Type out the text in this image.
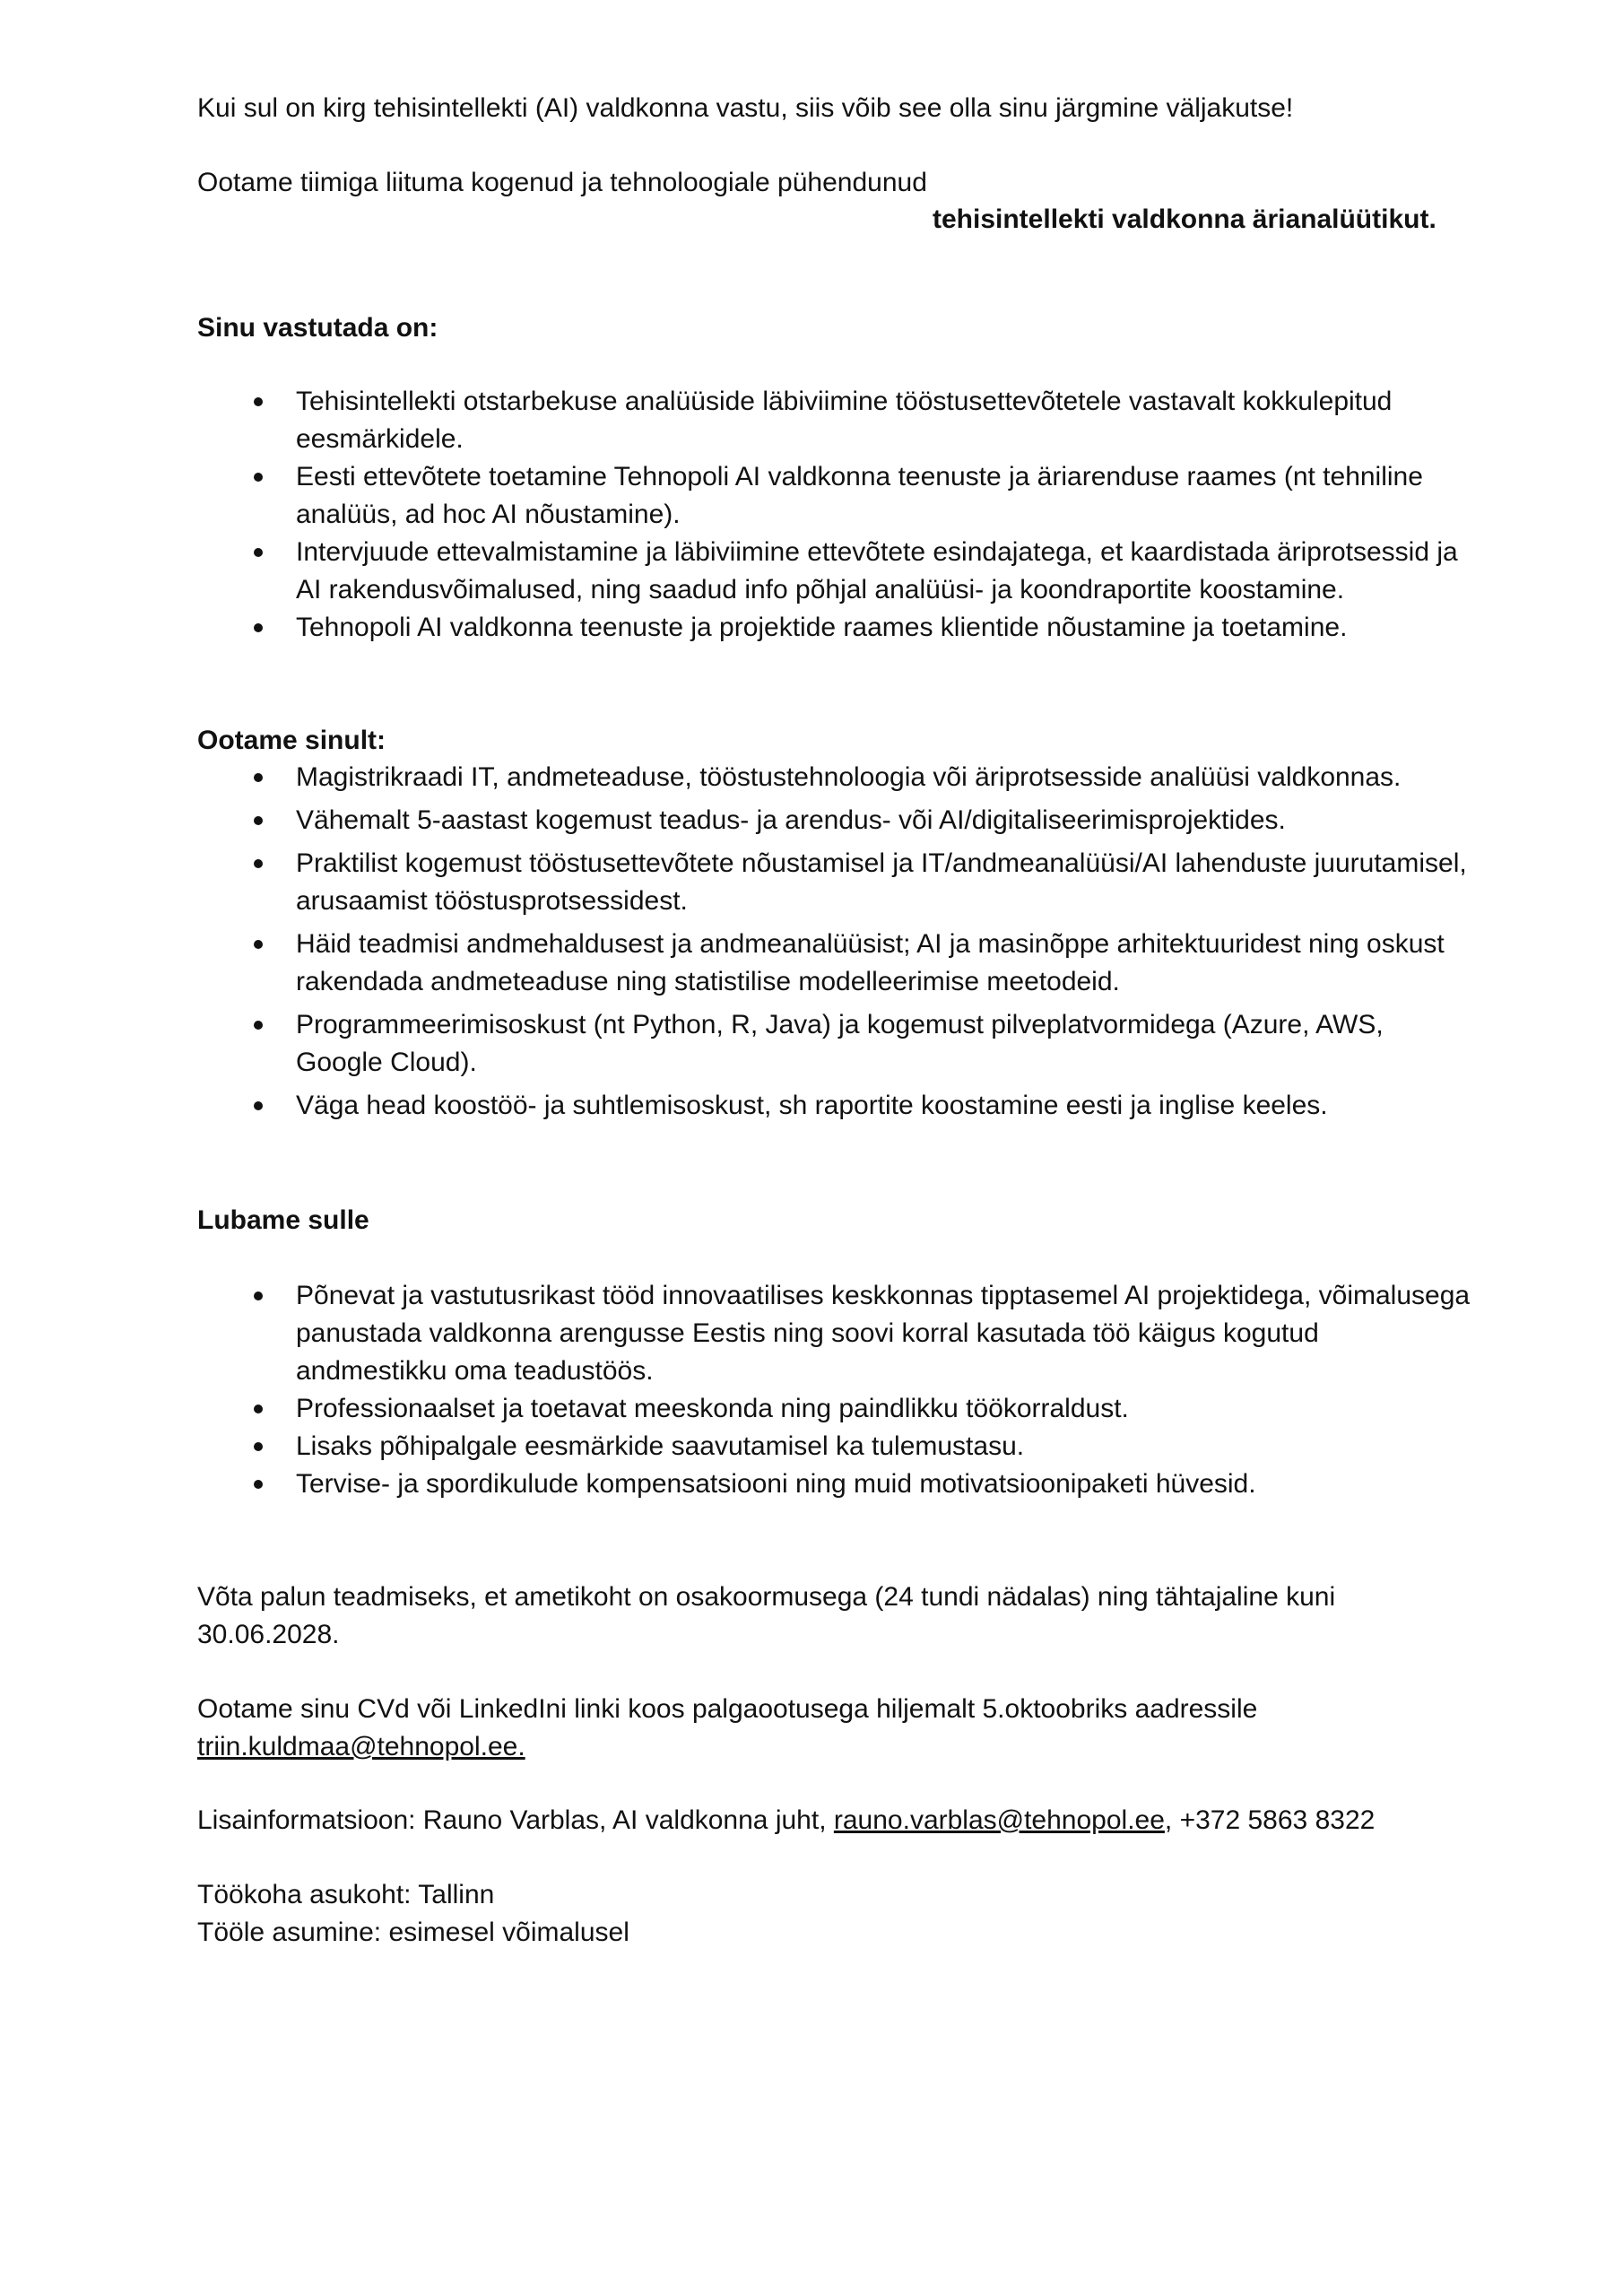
Kui sul on kirg tehisintellekti (AI) valdkonna vastu, siis võib see olla sinu järgmine väljakutse!

Ootame tiimiga liituma kogenud ja tehnoloogiale pühendunud

tehisintellekti valdkonna ärianalüütikut.

Sinu vastutada on:

Tehisintellekti otstarbekuse analüüside läbiviimine tööstusettevõtetele vastavalt kokkulepitud eesmärkidele.
Eesti ettevõtete toetamine Tehnopoli AI valdkonna teenuste ja äriarenduse raames (nt tehniline analüüs, ad hoc AI nõustamine).
Intervjuude ettevalmistamine ja läbiviimine ettevõtete esindajatega, et kaardistada äriprotsessid ja AI rakendusvõimalused, ning saadud info põhjal analüüsi- ja koondraportite koostamine.
Tehnopoli AI valdkonna teenuste ja projektide raames klientide nõustamine ja toetamine.

Ootame sinult:

Magistrikraadi IT, andmeteaduse, tööstustehnoloogia või äriprotsesside analüüsi valdkonnas.
Vähemalt 5-aastast kogemust teadus- ja arendus- või AI/digitaliseerimisprojektides.
Praktilist kogemust tööstusettevõtete nõustamisel ja IT/andmeanalüüsi/AI lahenduste juurutamisel, arusaamist tööstusprotsessidest.
Häid teadmisi andmehaldusest ja andmeanalüüsist; AI ja masinõppe arhitektuuridest ning oskust rakendada andmeteaduse ning statistilise modelleerimise meetodeid.
Programmeerimisoskust (nt Python, R, Java) ja kogemust pilveplatvormidega (Azure, AWS, Google Cloud).
Väga head koostöö- ja suhtlemisoskust, sh raportite koostamine eesti ja inglise keeles.

Lubame sulle

Põnevat ja vastutusrikast tööd innovaatilises keskkonnas tipptasemel AI projektidega, võimalusega panustada valdkonna arengusse Eestis ning soovi korral kasutada töö käigus kogutud andmestikku oma teadustöös.
Professionaalset ja toetavat meeskonda ning paindlikku töökorraldust.
Lisaks põhipalgale eesmärkide saavutamisel ka tulemustasu.
Tervise- ja spordikulude kompensatsiooni ning muid motivatsioonipaketi hüvesid.

Võta palun teadmiseks, et ametikoht on osakoormusega (24 tundi nädalas) ning tähtajaline kuni

30.06.2028.

Ootame sinu CVd või LinkedIni linki koos palgaootusega hiljemalt 5.oktoobriks aadressile

triin.kuldmaa@tehnopol.ee.

Lisainformatsioon: Rauno Varblas, AI valdkonna juht, rauno.varblas@tehnopol.ee, +372 5863 8322

Töökoha asukoht: Tallinn

Tööle asumine: esimesel võimalusel
